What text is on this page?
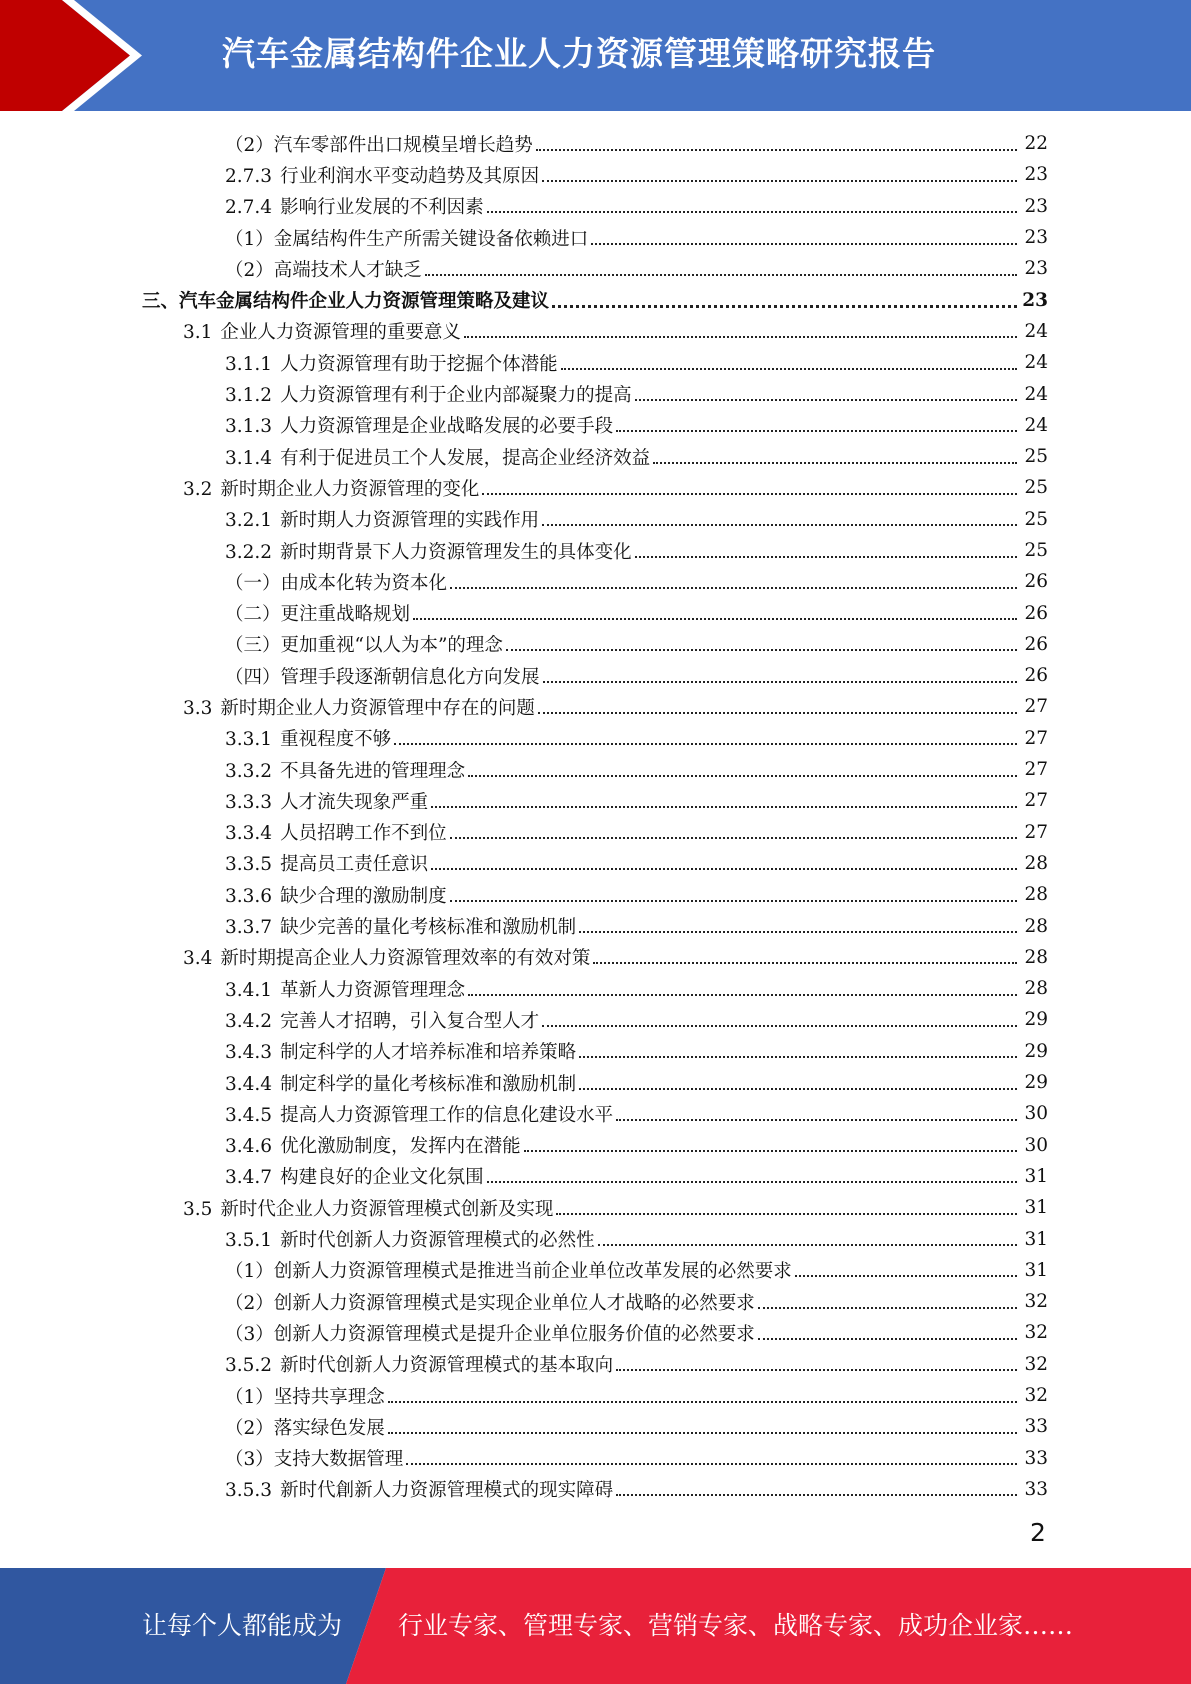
汽车金属结构件企业人力资源管理策略研究报告
（2）汽车零部件出口规模呈增长趋势	22
2.7.3 行业利润水平变动趋势及其原因	23
2.7.4 影响行业发展的不利因素	23
（1）金属结构件生产所需关键设备依赖进口	23
（2）高端技术人才缺乏	23
三、汽车金属结构件企业人力资源管理策略及建议	23
3.1 企业人力资源管理的重要意义	24
3.1.1 人力资源管理有助于挖掘个体潜能	24
3.1.2 人力资源管理有利于企业内部凝聚力的提高	24
3.1.3 人力资源管理是企业战略发展的必要手段	24
3.1.4 有利于促进员工个人发展，提高企业经济效益	25
3.2 新时期企业人力资源管理的变化	25
3.2.1 新时期人力资源管理的实践作用	25
3.2.2 新时期背景下人力资源管理发生的具体变化	25
（一）由成本化转为资本化	26
（二）更注重战略规划	26
（三）更加重视“以人为本”的理念	26
（四）管理手段逐渐朝信息化方向发展	26
3.3 新时期企业人力资源管理中存在的问题	27
3.3.1 重视程度不够	27
3.3.2 不具备先进的管理理念	27
3.3.3 人才流失现象严重	27
3.3.4 人员招聘工作不到位	27
3.3.5 提高员工责任意识	28
3.3.6 缺少合理的激励制度	28
3.3.7 缺少完善的量化考核标准和激励机制	28
3.4 新时期提高企业人力资源管理效率的有效对策	28
3.4.1 革新人力资源管理理念	28
3.4.2 完善人才招聘，引入复合型人才	29
3.4.3 制定科学的人才培养标准和培养策略	29
3.4.4 制定科学的量化考核标准和激励机制	29
3.4.5 提高人力资源管理工作的信息化建设水平	30
3.4.6 优化激励制度，发挥内在潜能	30
3.4.7 构建良好的企业文化氛围	31
3.5 新时代企业人力资源管理模式创新及实现	31
3.5.1 新时代创新人力资源管理模式的必然性	31
（1）创新人力资源管理模式是推进当前企业单位改革发展的必然要求	31
（2）创新人力资源管理模式是实现企业单位人才战略的必然要求	32
（3）创新人力资源管理模式是提升企业单位服务价值的必然要求	32
3.5.2 新时代创新人力资源管理模式的基本取向	32
（1）坚持共享理念	32
（2）落实绿色发展	33
（3）支持大数据管理	33
3.5.3 新时代創新人力资源管理模式的现实障碍	33
2
让每个人都能成为 行业专家、管理专家、营销专家、战略专家、成功企业家……
